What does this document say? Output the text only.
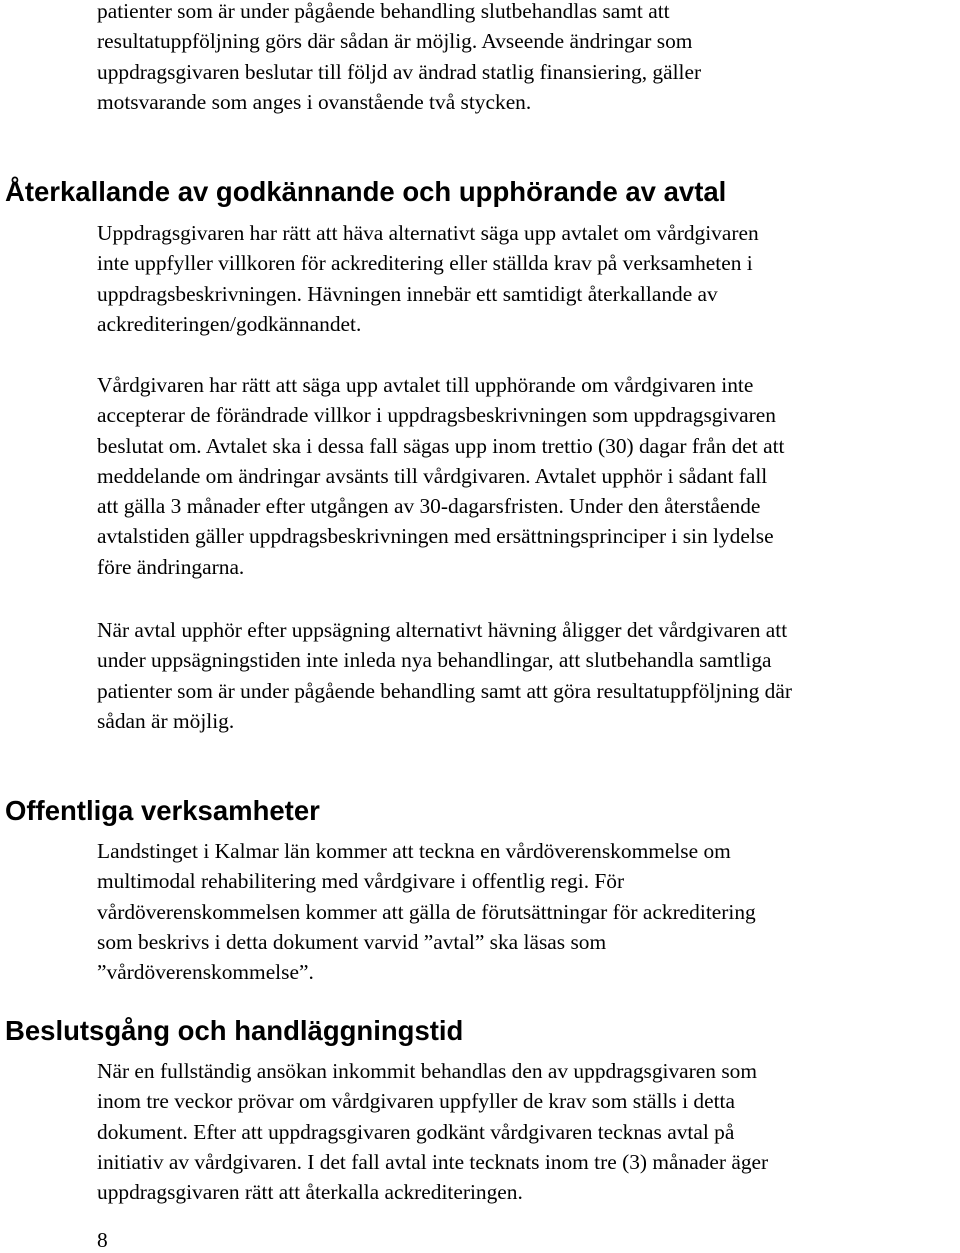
patienter som är under pågående behandling slutbehandlas samt att
resultatuppföljning görs där sådan är möjlig. Avseende ändringar som
uppdragsgivaren beslutar till följd av ändrad statlig finansiering, gäller
motsvarande som anges i ovanstående två stycken.

Återkallande av godkännande och upphörande av avtal

Uppdragsgivaren har rätt att häva alternativt säga upp avtalet om vårdgivaren
inte uppfyller villkoren för ackreditering eller ställda krav på verksamheten i
uppdragsbeskrivningen. Hävningen innebär ett samtidigt återkallande av
ackrediteringen/godkännandet.

Vårdgivaren har rätt att säga upp avtalet till upphörande om vårdgivaren inte
accepterar de förändrade villkor i uppdragsbeskrivningen som uppdragsgivaren
beslutat om. Avtalet ska i dessa fall sägas upp inom trettio (30) dagar från det att
meddelande om ändringar avsänts till vårdgivaren. Avtalet upphör i sådant fall
att gälla 3 månader efter utgången av 30-dagarsfristen. Under den återstående
avtalstiden gäller uppdragsbeskrivningen med ersättningsprinciper i sin lydelse
före ändringarna.

När avtal upphör efter uppsägning alternativt hävning åligger det vårdgivaren att
under uppsägningstiden inte inleda nya behandlingar, att slutbehandla samtliga
patienter som är under pågående behandling samt att göra resultatuppföljning där
sådan är möjlig.

Offentliga verksamheter

Landstinget i Kalmar län kommer att teckna en vårdöverenskommelse om
multimodal rehabilitering med vårdgivare i offentlig regi. För
vårdöverenskommelsen kommer att gälla de förutsättningar för ackreditering
som beskrivs i detta dokument varvid ”avtal” ska läsas som
”vårdöverenskommelse”.

Beslutsgång och handläggningstid

När en fullständig ansökan inkommit behandlas den av uppdragsgivaren som
inom tre veckor prövar om vårdgivaren uppfyller de krav som ställs i detta
dokument. Efter att uppdragsgivaren godkänt vårdgivaren tecknas avtal på
initiativ av vårdgivaren. I det fall avtal inte tecknats inom tre (3) månader äger
uppdragsgivaren rätt att återkalla ackrediteringen.

8
